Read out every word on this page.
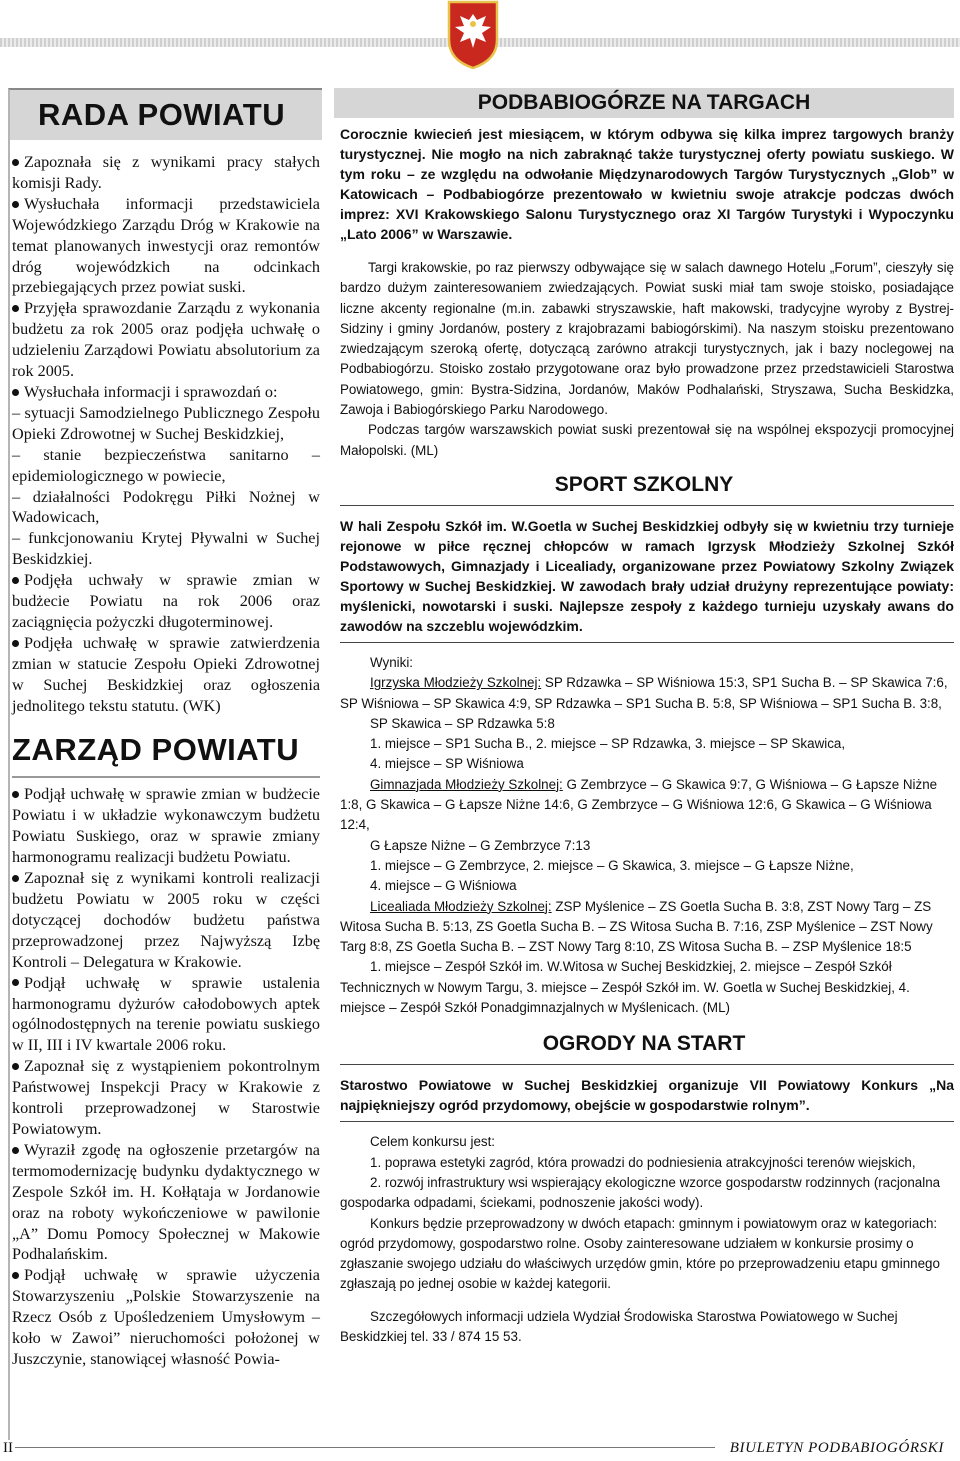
RADA POWIATU

Zapoznała się z wynikami pracy stałych komisji Rady.

Wysłuchała informacji przedstawiciela Wojewódzkiego Zarządu Dróg w Krakowie na temat planowanych inwestycji oraz remontów dróg wojewódzkich na odcinkach przebiegających przez powiat suski.

Przyjęła sprawozdanie Zarządu z wykonania budżetu za rok 2005 oraz podjęła uchwałę o udzieleniu Zarządowi Powiatu absolutorium za rok 2005.

Wysłuchała informacji i sprawozdań o:

– sytuacji Samodzielnego Publicznego Zespołu Opieki Zdrowotnej w Suchej Beskidzkiej,

– stanie bezpieczeństwa sanitarno – epidemiologicznego w powiecie,

– działalności Podokręgu Piłki Nożnej w Wadowicach,

– funkcjonowaniu Krytej Pływalni w Suchej Beskidzkiej.

Podjęła uchwały w sprawie zmian w budżecie Powiatu na rok 2006 oraz zaciągnięcia pożyczki długoterminowej.

Podjęła uchwałę w sprawie zatwierdzenia zmian w statucie Zespołu Opieki Zdrowotnej w Suchej Beskidzkiej oraz ogłoszenia jednolitego tekstu statutu. (WK)

ZARZĄD POWIATU

Podjął uchwałę w sprawie zmian w budżecie Powiatu i w układzie wykonawczym budżetu Powiatu Suskiego, oraz w sprawie zmiany harmonogramu realizacji budżetu Powiatu.

Zapoznał się z wynikami kontroli realizacji budżetu Powiatu w 2005 roku w części dotyczącej dochodów budżetu państwa przeprowadzonej przez Najwyższą Izbę Kontroli – Delegatura w Krakowie.

Podjął uchwałę w sprawie ustalenia harmonogramu dyżurów całodobowych aptek ogólnodostępnych na terenie powiatu suskiego w II, III i IV kwartale 2006 roku.

Zapoznał się z wystąpieniem pokontrolnym Państwowej Inspekcji Pracy w Krakowie z kontroli przeprowadzonej w Starostwie Powiatowym.

Wyraził zgodę na ogłoszenie przetargów na termomodernizację budynku dydaktycznego w Zespole Szkół im. H. Kołłątaja w Jordanowie oraz na roboty wykończeniowe w pawilonie „A” Domu Pomocy Społecznej w Makowie Podhalańskim.

Podjął uchwałę w sprawie użyczenia Stowarzyszeniu „Polskie Stowarzyszenie na Rzecz Osób z Upośledzeniem Umysłowym – koło w Zawoi” nieruchomości położonej w Juszczynie, stanowiącej własność Powia-

PODBABIOGÓRZE NA TARGACH

Corocznie kwiecień jest miesiącem, w którym odbywa się kilka imprez targowych branży turystycznej. Nie mogło na nich zabraknąć także turystycznej oferty powiatu suskiego. W tym roku – ze względu na odwołanie Międzynarodowych Targów Turystycznych „Glob” w Katowicach – Podbabiogórze prezentowało w kwietniu swoje atrakcje podczas dwóch imprez: XVI Krakowskiego Salonu Turystycznego oraz XI Targów Turystyki i Wypoczynku „Lato 2006” w Warszawie.

Targi krakowskie, po raz pierwszy odbywające się w salach dawnego Hotelu „Forum”, cieszyły się bardzo dużym zainteresowaniem zwiedzających. Powiat suski miał tam swoje stoisko, posiadające liczne akcenty regionalne (m.in. zabawki stryszawskie, haft makowski, tradycyjne wyroby z Bystrej-Sidziny i gminy Jordanów, postery z krajobrazami babiogórskimi). Na naszym stoisku prezentowano zwiedzającym szeroką ofertę, dotyczącą zarówno atrakcji turystycznych, jak i bazy noclegowej na Podbabiogórzu. Stoisko zostało przygotowane oraz było prowadzone przez przedstawicieli Starostwa Powiatowego, gmin: Bystra-Sidzina, Jordanów, Maków Podhalański, Stryszawa, Sucha Beskidzka, Zawoja i Babiogórskiego Parku Narodowego.

Podczas targów warszawskich powiat suski prezentował się na wspólnej ekspozycji promocyjnej Małopolski. (ML)

SPORT SZKOLNY

W hali Zespołu Szkół im. W.Goetla w Suchej Beskidzkiej odbyły się w kwietniu trzy turnieje rejonowe w piłce ręcznej chłopców w ramach Igrzysk Młodzieży Szkolnej Szkół Podstawowych, Gimnazjady i Licealiady, organizowane przez Powiatowy Szkolny Związek Sportowy w Suchej Beskidzkiej. W zawodach brały udział drużyny reprezentujące powiaty: myślenicki, nowotarski i suski. Najlepsze zespoły z każdego turnieju uzyskały awans do zawodów na szczeblu wojewódzkim.

Wyniki:

Igrzyska Młodzieży Szkolnej: SP Rdzawka – SP Wiśniowa 15:3, SP1 Sucha B. – SP Skawica 7:6, SP Wiśniowa – SP Skawica 4:9, SP Rdzawka – SP1 Sucha B. 5:8, SP Wiśniowa – SP1 Sucha B. 3:8,

SP Skawica – SP Rdzawka 5:8

1. miejsce – SP1 Sucha B., 2. miejsce – SP Rdzawka, 3. miejsce – SP Skawica,

4. miejsce – SP Wiśniowa

Gimnazjada Młodzieży Szkolnej: G Zembrzyce – G Skawica 9:7, G Wiśniowa – G Łapsze Niżne 1:8, G Skawica – G Łapsze Niżne 14:6, G Zembrzyce – G Wiśniowa 12:6, G Skawica – G Wiśniowa 12:4,

G Łapsze Niżne – G Zembrzyce 7:13

1. miejsce – G Zembrzyce, 2. miejsce – G Skawica, 3. miejsce – G Łapsze Niżne,

4. miejsce – G Wiśniowa

Licealiada Młodzieży Szkolnej: ZSP Myślenice – ZS Goetla Sucha B. 3:8, ZST Nowy Targ – ZS Witosa Sucha B. 5:13, ZS Goetla Sucha B. – ZS Witosa Sucha B. 7:16, ZSP Myślenice – ZST Nowy Targ 8:8, ZS Goetla Sucha B. – ZST Nowy Targ 8:10, ZS Witosa Sucha B. – ZSP Myślenice 18:5

1. miejsce – Zespół Szkół im. W.Witosa w Suchej Beskidzkiej, 2. miejsce – Zespół Szkół Technicznych w Nowym Targu, 3. miejsce – Zespół Szkół im. W. Goetla w Suchej Beskidzkiej, 4. miejsce – Zespół Szkół Ponadgimnazjalnych w Myślenicach. (ML)

OGRODY NA START

Starostwo Powiatowe w Suchej Beskidzkiej organizuje VII Powiatowy Konkurs „Na najpiękniejszy ogród przydomowy, obejście w gospodarstwie rolnym”.

Celem konkursu jest:

1. poprawa estetyki zagród, która prowadzi do podniesienia atrakcyjności terenów wiejskich,

2. rozwój infrastruktury wsi wspierający ekologiczne wzorce gospodarstw rodzinnych (racjonalna gospodarka odpadami, ściekami, podnoszenie jakości wody).

Konkurs będzie przeprowadzony w dwóch etapach: gminnym i powiatowym oraz w kategoriach: ogród przydomowy, gospodarstwo rolne. Osoby zainteresowane udziałem w konkursie prosimy o zgłaszanie swojego udziału do właściwych urzędów gmin, które po przeprowadzeniu etapu gminnego zgłaszają po jednej osobie w każdej kategorii.

Szczegółowych informacji udziela Wydział Środowiska Starostwa Powiatowego w Suchej Beskidzkiej tel. 33 / 874 15 53.

II	BIULETYN PODBABIOGÓRSKI
